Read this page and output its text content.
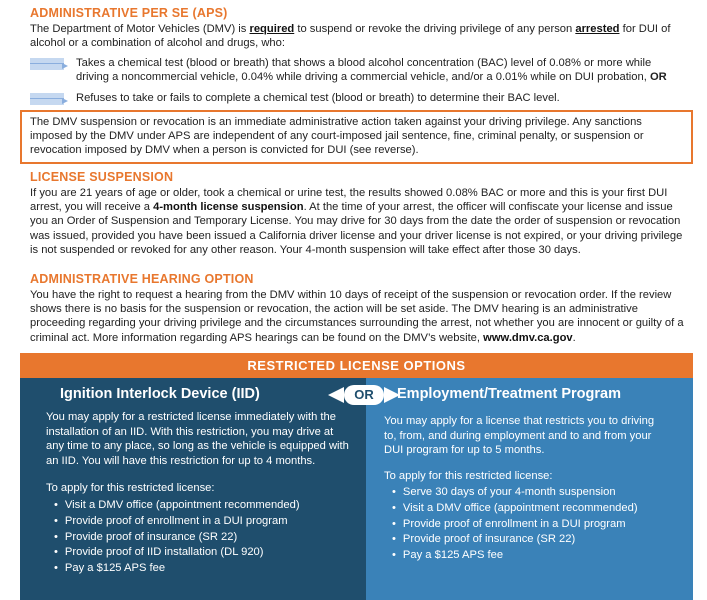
ADMINISTRATIVE PER SE (APS)

The Department of Motor Vehicles (DMV) is required to suspend or revoke the driving privilege of any person arrested for DUI of alcohol or a combination of alcohol and drugs, who:

Takes a chemical test (blood or breath) that shows a blood alcohol concentration (BAC) level of 0.08% or more while driving a noncommercial vehicle, 0.04% while driving a commercial vehicle, and/or a 0.01% while on DUI probation, OR

Refuses to take or fails to complete a chemical test (blood or breath) to determine their BAC level.

The DMV suspension or revocation is an immediate administrative action taken against your driving privilege. Any sanctions imposed by the DMV under APS are independent of any court-imposed jail sentence, fine, criminal penalty, or suspension or revocation imposed by DMV when a person is convicted for DUI (see reverse).

LICENSE SUSPENSION

If you are 21 years of age or older, took a chemical or urine test, the results showed 0.08% BAC or more and this is your first DUI arrest, you will receive a 4-month license suspension. At the time of your arrest, the officer will confiscate your license and issue you an Order of Suspension and Temporary License. You may drive for 30 days from the date the order of suspension or revocation was issued, provided you have been issued a California driver license and your driver license is not expired, or your driving privilege is not suspended or revoked for any other reason. Your 4-month suspension will take effect after those 30 days.

ADMINISTRATIVE HEARING OPTION

You have the right to request a hearing from the DMV within 10 days of receipt of the suspension or revocation order. If the review shows there is no basis for the suspension or revocation, the action will be set aside. The DMV hearing is an administrative proceeding regarding your driving privilege and the circumstances surrounding the arrest, not whether you are innocent or guilty of a criminal act. More information regarding APS hearings can be found on the DMV’s website, www.dmv.ca.gov.

RESTRICTED LICENSE OPTIONS
Ignition Interlock Device (IID)

You may apply for a restricted license immediately with the installation of an IID. With this restriction, you may drive at any time to any place, so long as the vehicle is equipped with an IID. You will have this restriction for up to 4 months.

To apply for this restricted license:
• Visit a DMV office (appointment recommended)
• Provide proof of enrollment in a DUI program
• Provide proof of insurance (SR 22)
• Provide proof of IID installation (DL 920)
• Pay a $125 APS fee
Employment/Treatment Program

You may apply for a license that restricts you to driving to, from, and during employment and to and from your DUI program for up to 5 months.

To apply for this restricted license:
• Serve 30 days of your 4-month suspension
• Visit a DMV office (appointment recommended)
• Provide proof of enrollment in a DUI program
• Provide proof of insurance (SR 22)
• Pay a $125 APS fee
OR
